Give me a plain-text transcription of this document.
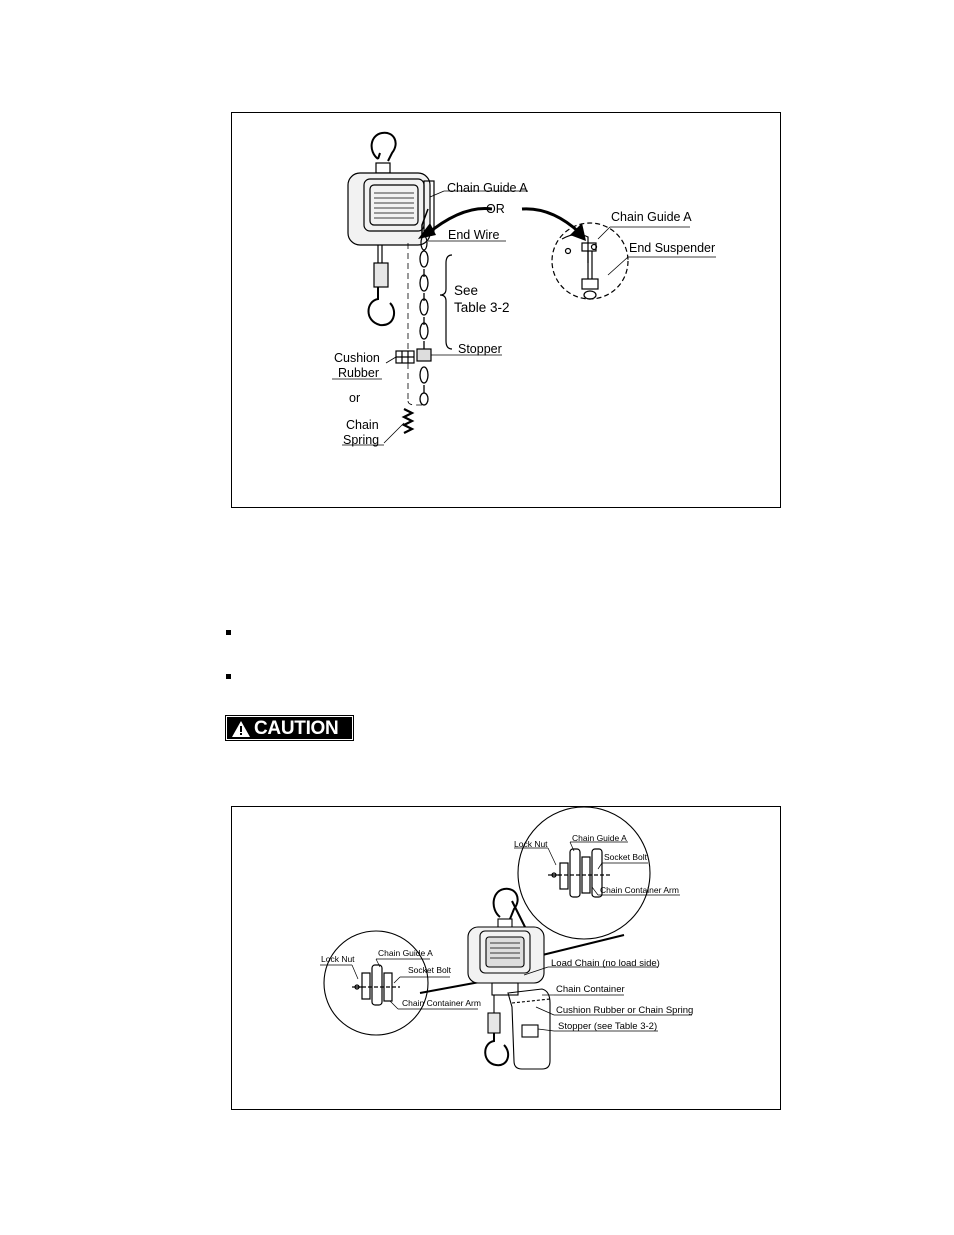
Chain Guide A
OR
End Wire
See
Table 3-2
Stopper
Cushion
Rubber
or
Chain
Spring
Chain Guide A
End Suspender
CAUTION
Lock Nut
Chain Guide A
Socket Bolt
Chain Container Arm
Lock Nut
Chain Guide A
Socket Bolt
Chain Container Arm
Load Chain (no load side)
Chain Container
Cushion Rubber or Chain Spring
Stopper (see Table 3-2)
